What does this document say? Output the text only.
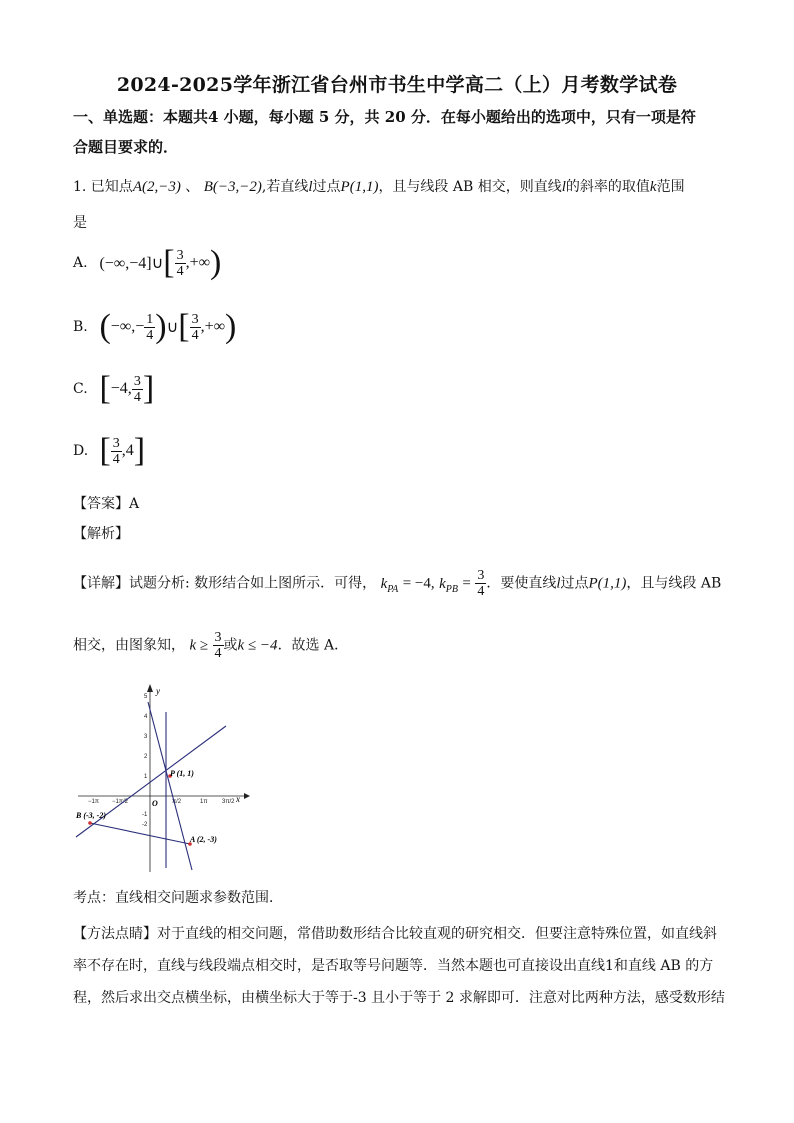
2024-2025学年浙江省台州市书生中学高二（上）月考数学试卷
一、单选题：本题共4 小题，每小题 5 分，共 20 分．在每小题给出的选项中，只有一项是符
合题目要求的．
1. 已知点A(2,−3) 、 B(−3,−2),若直线l过点P(1,1)，且与线段 AB 相交，则直线l的斜率的取值k范围
是
A. (−∞,−4]∪[ $\frac{3}{4}$ ,+∞)
B. (−∞,− $\frac{1}{4}$ )∪[ $\frac{3}{4}$ ,+∞)
C. [−4, $\frac{3}{4}$ ]
D. [ $\frac{3}{4} ,4$]
【答案】A
【解析】
【详解】试题分析: 数形结合如上图所示．可得， $k_{PA} = -4$, $k_{PB} = \frac{3}{4}$ ．要使直线l过点P(1,1)，且与线段 AB
相交，由图象知， $k \ge \frac{3}{4}$ 或k ≤ −4．故选 A．
y
x
O
5
4
3
2
1
-1
-2
−1π −1π/2	π/2	1π 3π/2
P (1, 1)
B (-3, -2)
A (2, -3)
考点：直线相交问题求参数范围．
【方法点睛】对于直线的相交问题，常借助数形结合比较直观的研究相交．但要注意特殊位置，如直线斜
率不存在时，直线与线段端点相交时，是否取等号问题等．当然本题也可直接设出直线1和直线 AB 的方
程，然后求出交点横坐标，由横坐标大于等于-3 且小于等于 2 求解即可．注意对比两种方法，感受数形结
